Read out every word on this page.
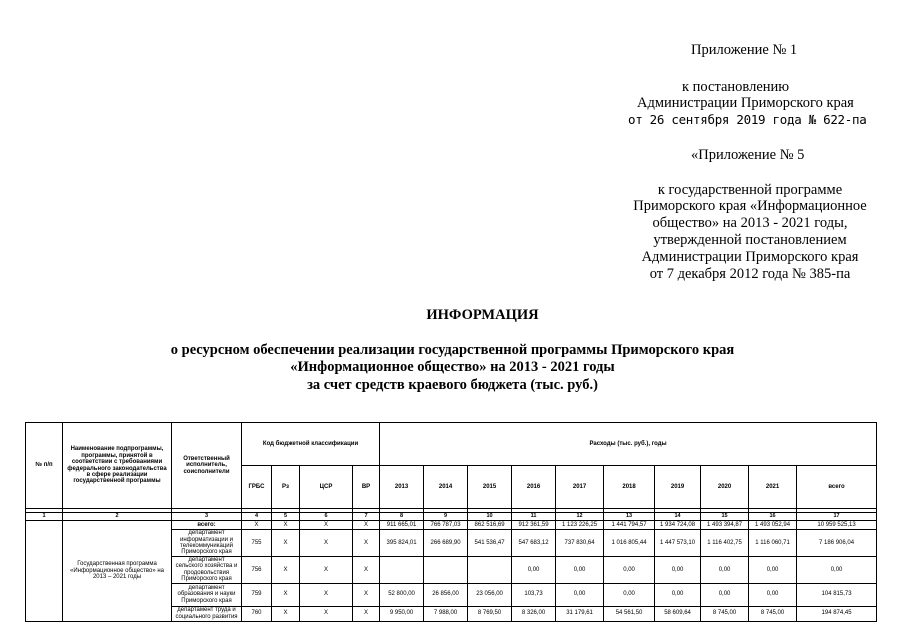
Приложение № 1
к постановлению
Администрации Приморского края
от 26 сентября 2019 года № 622-па
«Приложение № 5
к государственной программе
Приморского края «Информационное
общество» на 2013 - 2021 годы,
утвержденной постановлением
Администрации Приморского края
от 7 декабря 2012 года № 385-па
ИНФОРМАЦИЯ
о ресурсном обеспечении реализации государственной программы Приморского края
«Информационное общество» на 2013 - 2021 годы
за счет средств краевого бюджета (тыс. руб.)
№ п/п	Наименование подпрограммы, программы, принятой в соответствии с требованиями федерального законодательства в сфере реализации государственной программы	Ответственный исполнитель, соисполнители	Код бюджетной классификации				Расходы (тыс. руб.), годы									
			ГРБС	Рз	ЦСР	ВР	2013	2014	2015	2016	2017	2018	2019	2020	2021	всего

1	2	3	4	5	6	7	8	9	10	11	12	13	14	15	16	17
	Государственная программа «Информационное общество» на 2013 – 2021 годы	всего:	X	X	X	X	911 665,01	766 787,03	862 516,69	912 361,59	1 123 226,25	1 441 794,57	1 934 724,08	1 493 394,87	1 493 052,94	10 959 525,13
		департамент информатизации и телекоммуникаций Приморского края	755	X	X	X	395 824,01	266 689,90	541 536,47	547 683,12	737 830,64	1 016 805,44	1 447 573,10	1 116 402,75	1 116 060,71	7 186 906,04
		департамент сельского хозяйства и продовольствия Приморского края	756	X	X	X				0,00	0,00	0,00	0,00	0,00	0,00	0,00
		департамент образования и науки Приморского края	759	X	X	X	52 800,00	26 856,00	23 056,00	103,73	0,00	0,00	0,00	0,00	0,00	104 815,73
		департамент труда и социального развития	760	X	X	X	9 950,00	7 988,00	8 769,50	8 326,00	31 179,61	54 561,50	58 609,64	8 745,00	8 745,00	194 874,45
